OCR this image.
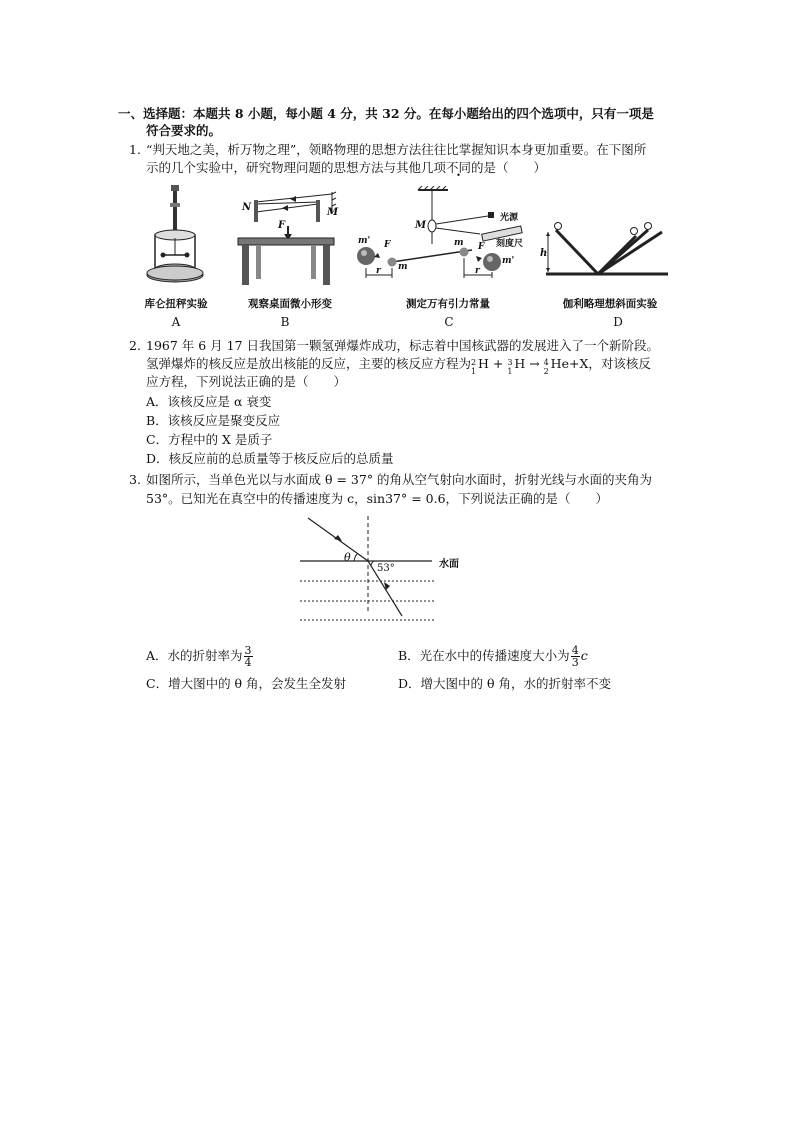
一、选择题：本题共 8 小题，每小题 4 分，共 32 分。在每小题给出的四个选项中，只有一项是
符合要求的。
1. “判天地之美，析万物之理”，领略物理的思想方法往往比掌握知识本身更加重要。在下图所
示的几个实验中，研究物理问题的思想方法与其他几项不同的是（　　）
库仑扭秤实验
A
N	M
F
观察桌面微小形变
B
m' F
m
r
M
光源
刻度尺
m F
r
m'
测定万有引力常量
C
h
伽利略理想斜面实验
D
2. 1967 年 6 月 17 日我国第一颗氢弹爆炸成功，标志着中国核武器的发展进入了一个新阶段。
氢弹爆炸的核反应是放出核能的反应，主要的核反应方程为 2
1
H + 3
1
H → 4
2
He+X，对该核反
应方程，下列说法正确的是（　　）
A．该核反应是 α 衰变
B．该核反应是聚变反应
C．方程中的 X 是质子
D．核反应前的总质量等于核反应后的总质量
3. 如图所示，当单色光以与水面成 θ = 37° 的角从空气射向水面时，折射光线与水面的夹角为
53°。已知光在真空中的传播速度为 c，sin37° = 0.6，下列说法正确的是（　　）
θ
53°	水面
A．水的折射率为 $\frac{3}{4}$	B．光在水中的传播速度大小为 $\frac{4}{3}$ c
C．增大图中的 θ 角，会发生全发射	D．增大图中的 θ 角，水的折射率不变
